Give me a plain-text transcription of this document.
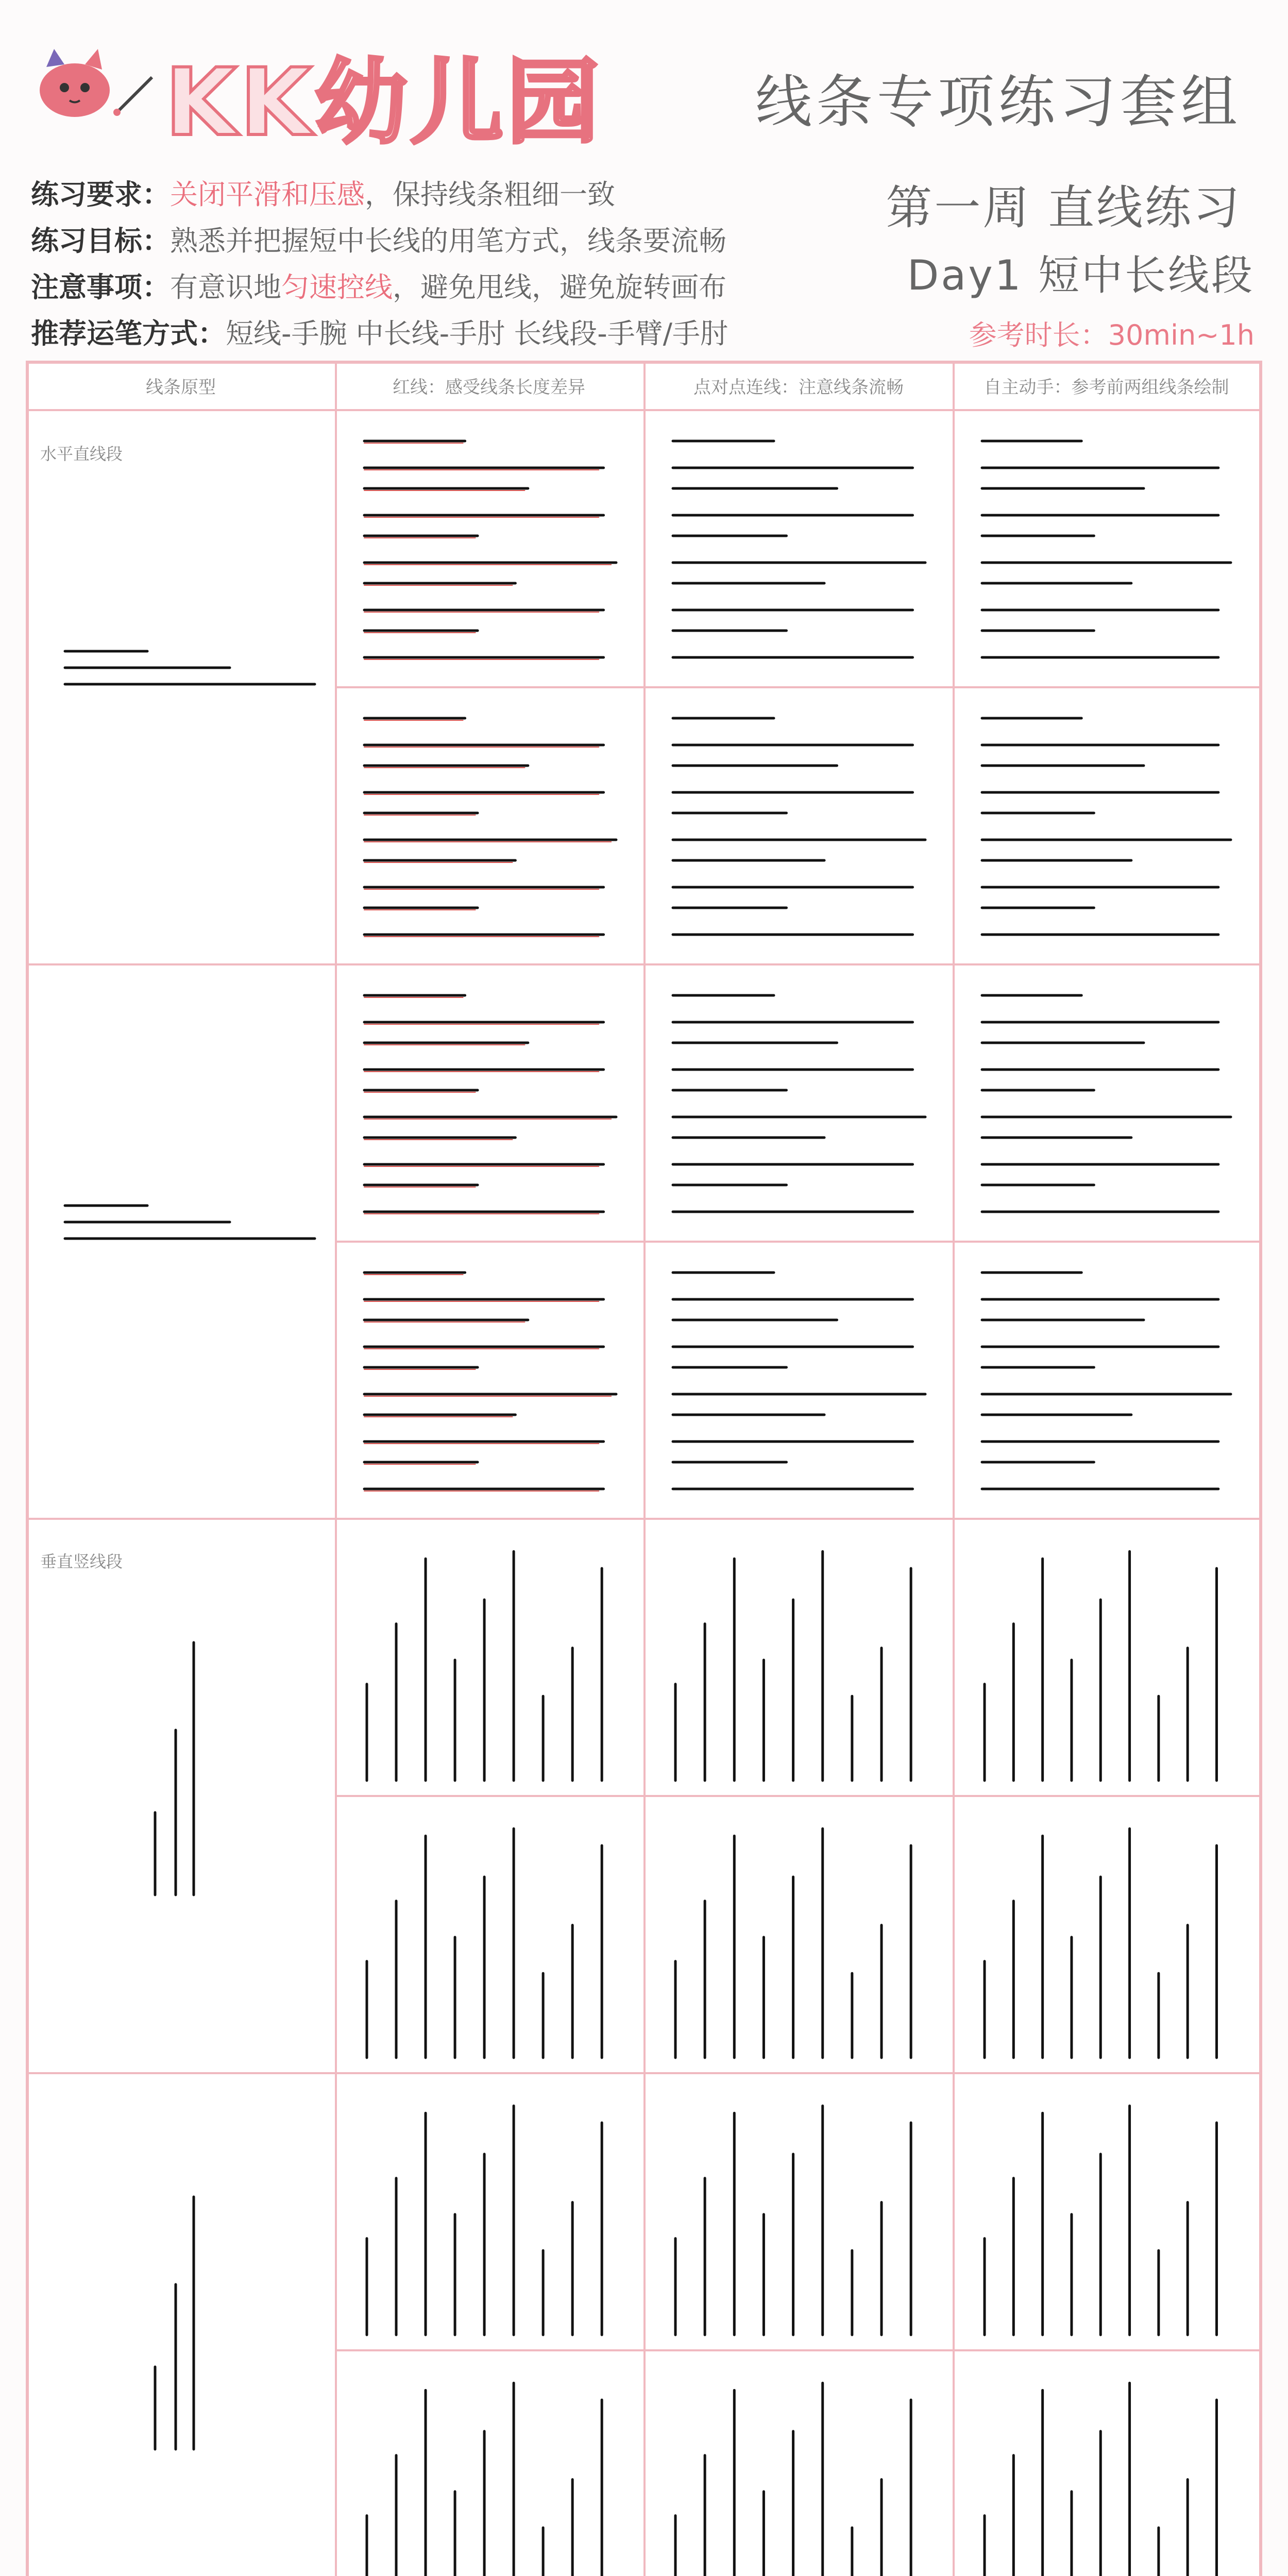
KK幼儿园	线条专项练习套组
练习要求：关闭平滑和压感，保持线条粗细一致
练习目标：熟悉并把握短中长线的用笔方式，线条要流畅
注意事项：有意识地匀速控线，避免甩线，避免旋转画布
推荐运笔方式：短线-手腕 中长线-手肘 长线段-手臂/手肘
第一周 直线练习
Day1 短中长线段
参考时长：30min~1h
线条原型	红线：感受线条长度差异	点对点连线：注意线条流畅	自主动手：参考前两组线条绘制
水平直线段
垂直竖线段
